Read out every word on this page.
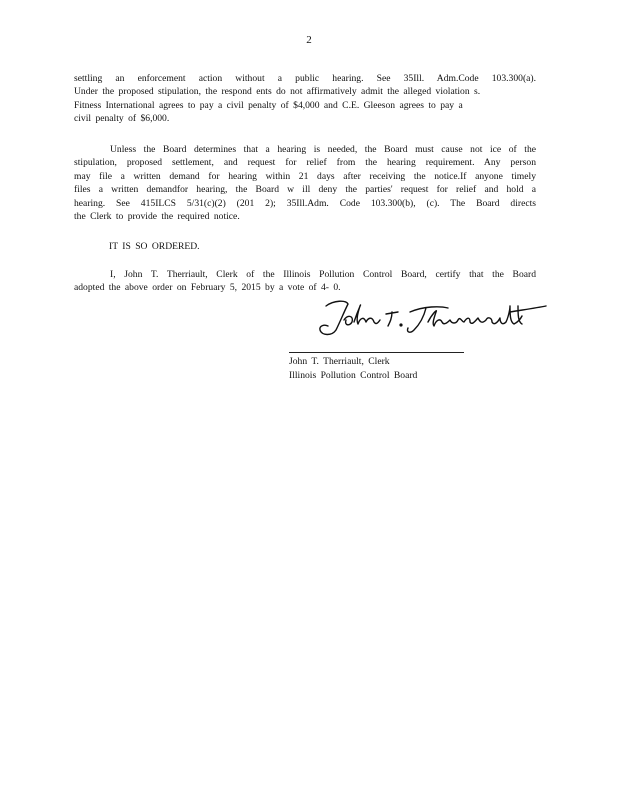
2
settling an enforcement action without a public hearing. See 35Ill. Adm.Code 103.300(a).
Under the proposed stipulation, the respond ents do not affirmatively admit the alleged violation s.
Fitness International agrees to pay a civil penalty of $4,000 and C.E. Gleeson agrees to pay a
civil penalty of $6,000.
Unless the Board determines that a hearing is needed, the Board must cause not ice of the
stipulation, proposed settlement, and request for relief from the hearing requirement. Any person
may file a written demand for hearing within 21 days after receiving the notice.If anyone timely
files a written demandfor hearing, the Board w ill deny the parties' request for relief and hold a
hearing. See 415ILCS 5/31(c)(2) (201 2); 35Ill.Adm. Code 103.300(b), (c). The Board directs
the Clerk to provide the required notice.
IT IS SO ORDERED.
I, John T. Therriault, Clerk of the Illinois Pollution Control Board, certify that the Board
adopted the above order on February 5, 2015 by a vote of 4- 0.
John T. Therriault, Clerk
Illinois Pollution Control Board
